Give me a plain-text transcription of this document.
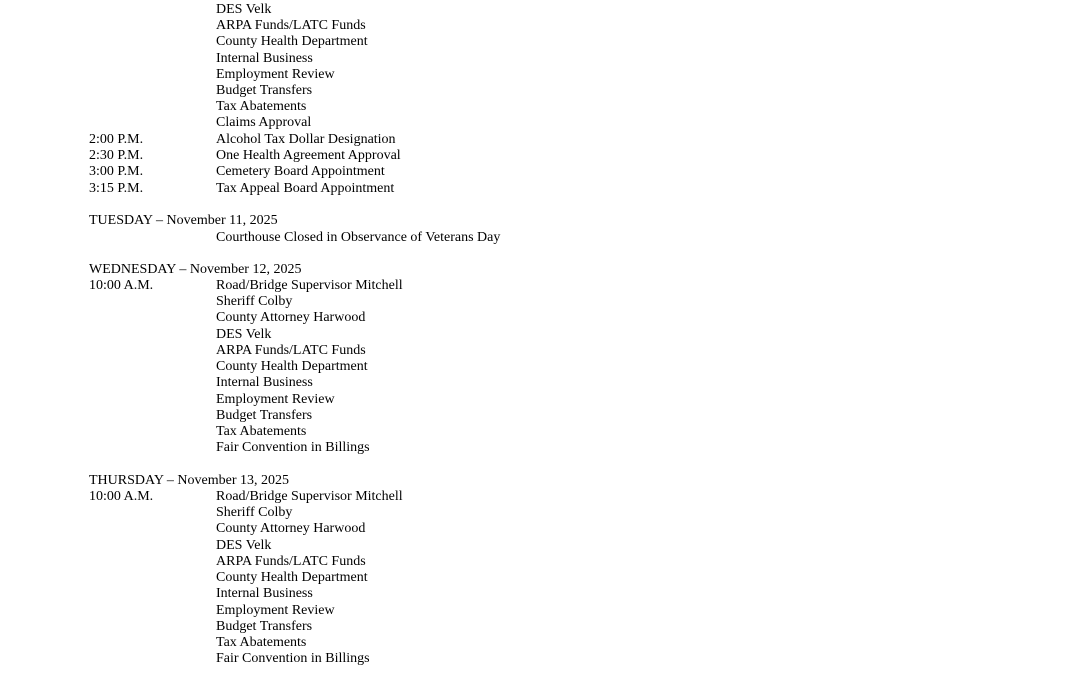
DES Velk
ARPA Funds/LATC Funds
County Health Department
Internal Business
Employment Review
Budget Transfers
Tax Abatements
Claims Approval
2:00 P.M.	Alcohol Tax Dollar Designation
2:30 P.M.	One Health Agreement Approval
3:00 P.M.	Cemetery Board Appointment
3:15 P.M.	Tax Appeal Board Appointment
TUESDAY – November 11, 2025
Courthouse Closed in Observance of Veterans Day
WEDNESDAY – November 12, 2025
10:00 A.M.	Road/Bridge Supervisor Mitchell
Sheriff Colby
County Attorney Harwood
DES Velk
ARPA Funds/LATC Funds
County Health Department
Internal Business
Employment Review
Budget Transfers
Tax Abatements
Fair Convention in Billings
THURSDAY – November 13, 2025
10:00 A.M.	Road/Bridge Supervisor Mitchell
Sheriff Colby
County Attorney Harwood
DES Velk
ARPA Funds/LATC Funds
County Health Department
Internal Business
Employment Review
Budget Transfers
Tax Abatements
Fair Convention in Billings
